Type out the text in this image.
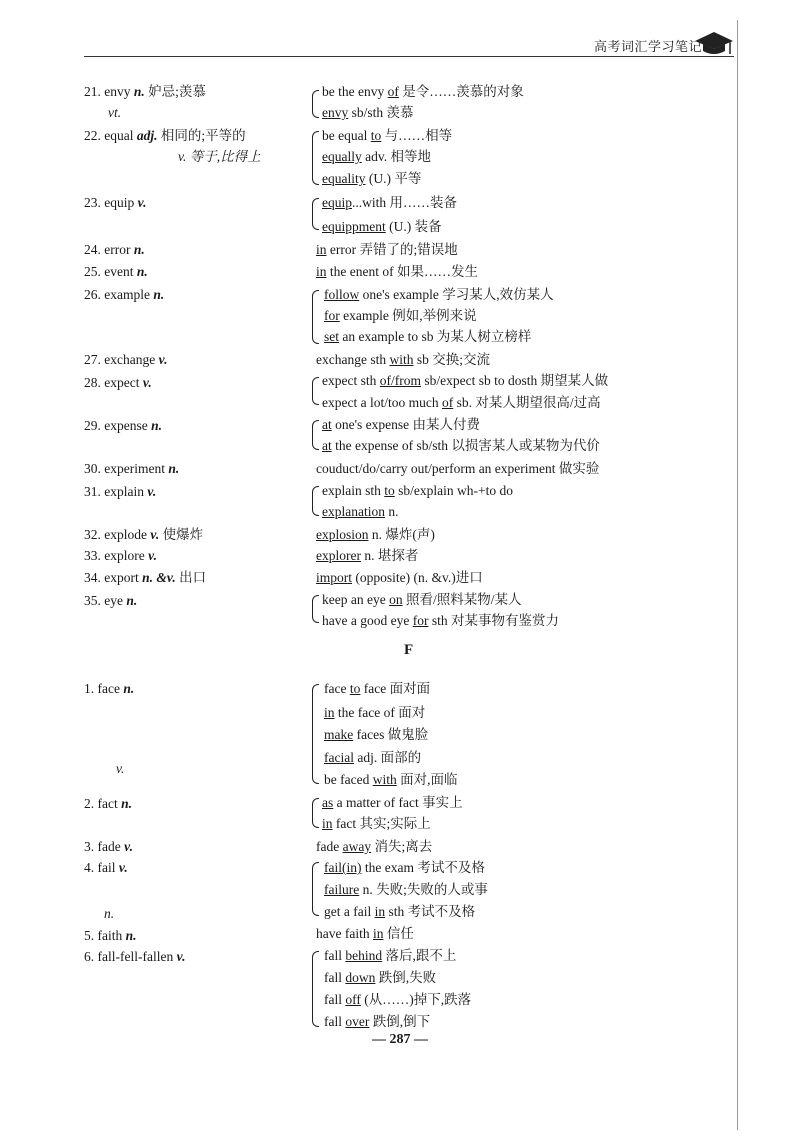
高考词汇学习笔记
21. envy n. 妒忌;羡慕
vt.
22. equal adj. 相同的;平等的
v. 等于,比得上
23. equip v.
24. error n.
25. event n.
26. example n.
27. exchange v.
28. expect v.
29. expense n.
30. experiment n.
31. explain v.
32. explode v. 使爆炸
33. explore v.
34. export n. &v. 出口
35. eye n.
F
1. face n.
v.
2. fact n.
3. fade v.
4. fail v.
n.
5. faith n.
6. fall-fell-fallen v.
be the envy of 是令……羡慕的对象
envy sb/sth 羡慕
be equal to 与……相等
equally adv. 相等地
equality (U.) 平等
equip...with 用……装备
equippment (U.) 装备
in error 弄错了的;错误地
in the enent of 如果……发生
follow one's example 学习某人,效仿某人
for example 例如,举例来说
set an example to sb 为某人树立榜样
exchange sth with sb 交换;交流
expect sth of/from sb/expect sb to dosth 期望某人做
expect a lot/too much of sb. 对某人期望很高/过高
at one's expense 由某人付费
at the expense of sb/sth 以损害某人或某物为代价
couduct/do/carry out/perform an experiment 做实验
explain sth to sb/explain wh-+to do
explanation n.
explosion n. 爆炸(声)
explorer n. 堪探者
import (opposite) (n. &v.)进口
keep an eye on 照看/照料某物/某人
have a good eye for sth 对某事物有鉴赏力
face to face 面对面
in the face of 面对
make faces 做鬼脸
facial adj. 面部的
be faced with 面对,面临
as a matter of fact 事实上
in fact 其实;实际上
fade away 消失;离去
fail(in) the exam 考试不及格
failure n. 失败;失败的人或事
get a fail in sth 考试不及格
have faith in 信任
fall behind 落后,跟不上
fall down 跌倒,失败
fall off (从……)掉下,跌落
fall over 跌倒,倒下
— 287 —
